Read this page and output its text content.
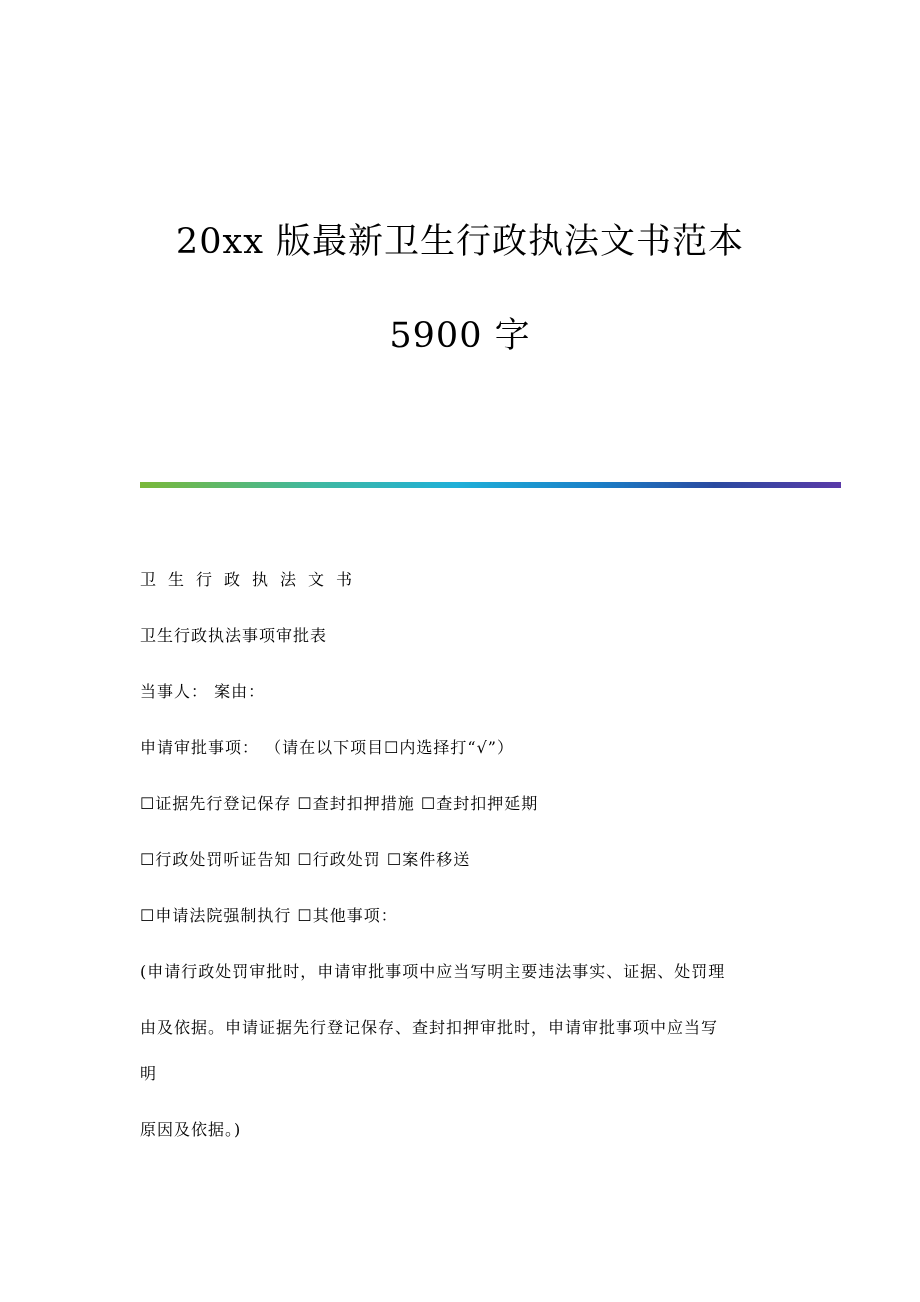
20xx 版最新卫生行政执法文书范本
5900 字
卫生行政执法文书
卫生行政执法事项审批表
当事人： 案由：
申请审批事项： （请在以下项目☐内选择打“√”）
☐证据先行登记保存 ☐查封扣押措施 ☐查封扣押延期
☐行政处罚听证告知 ☐行政处罚 ☐案件移送
☐申请法院强制执行 ☐其他事项：
(申请行政处罚审批时，申请审批事项中应当写明主要违法事实、证据、处罚理
由及依据。申请证据先行登记保存、查封扣押审批时，申请审批事项中应当写
明
原因及依据。)
